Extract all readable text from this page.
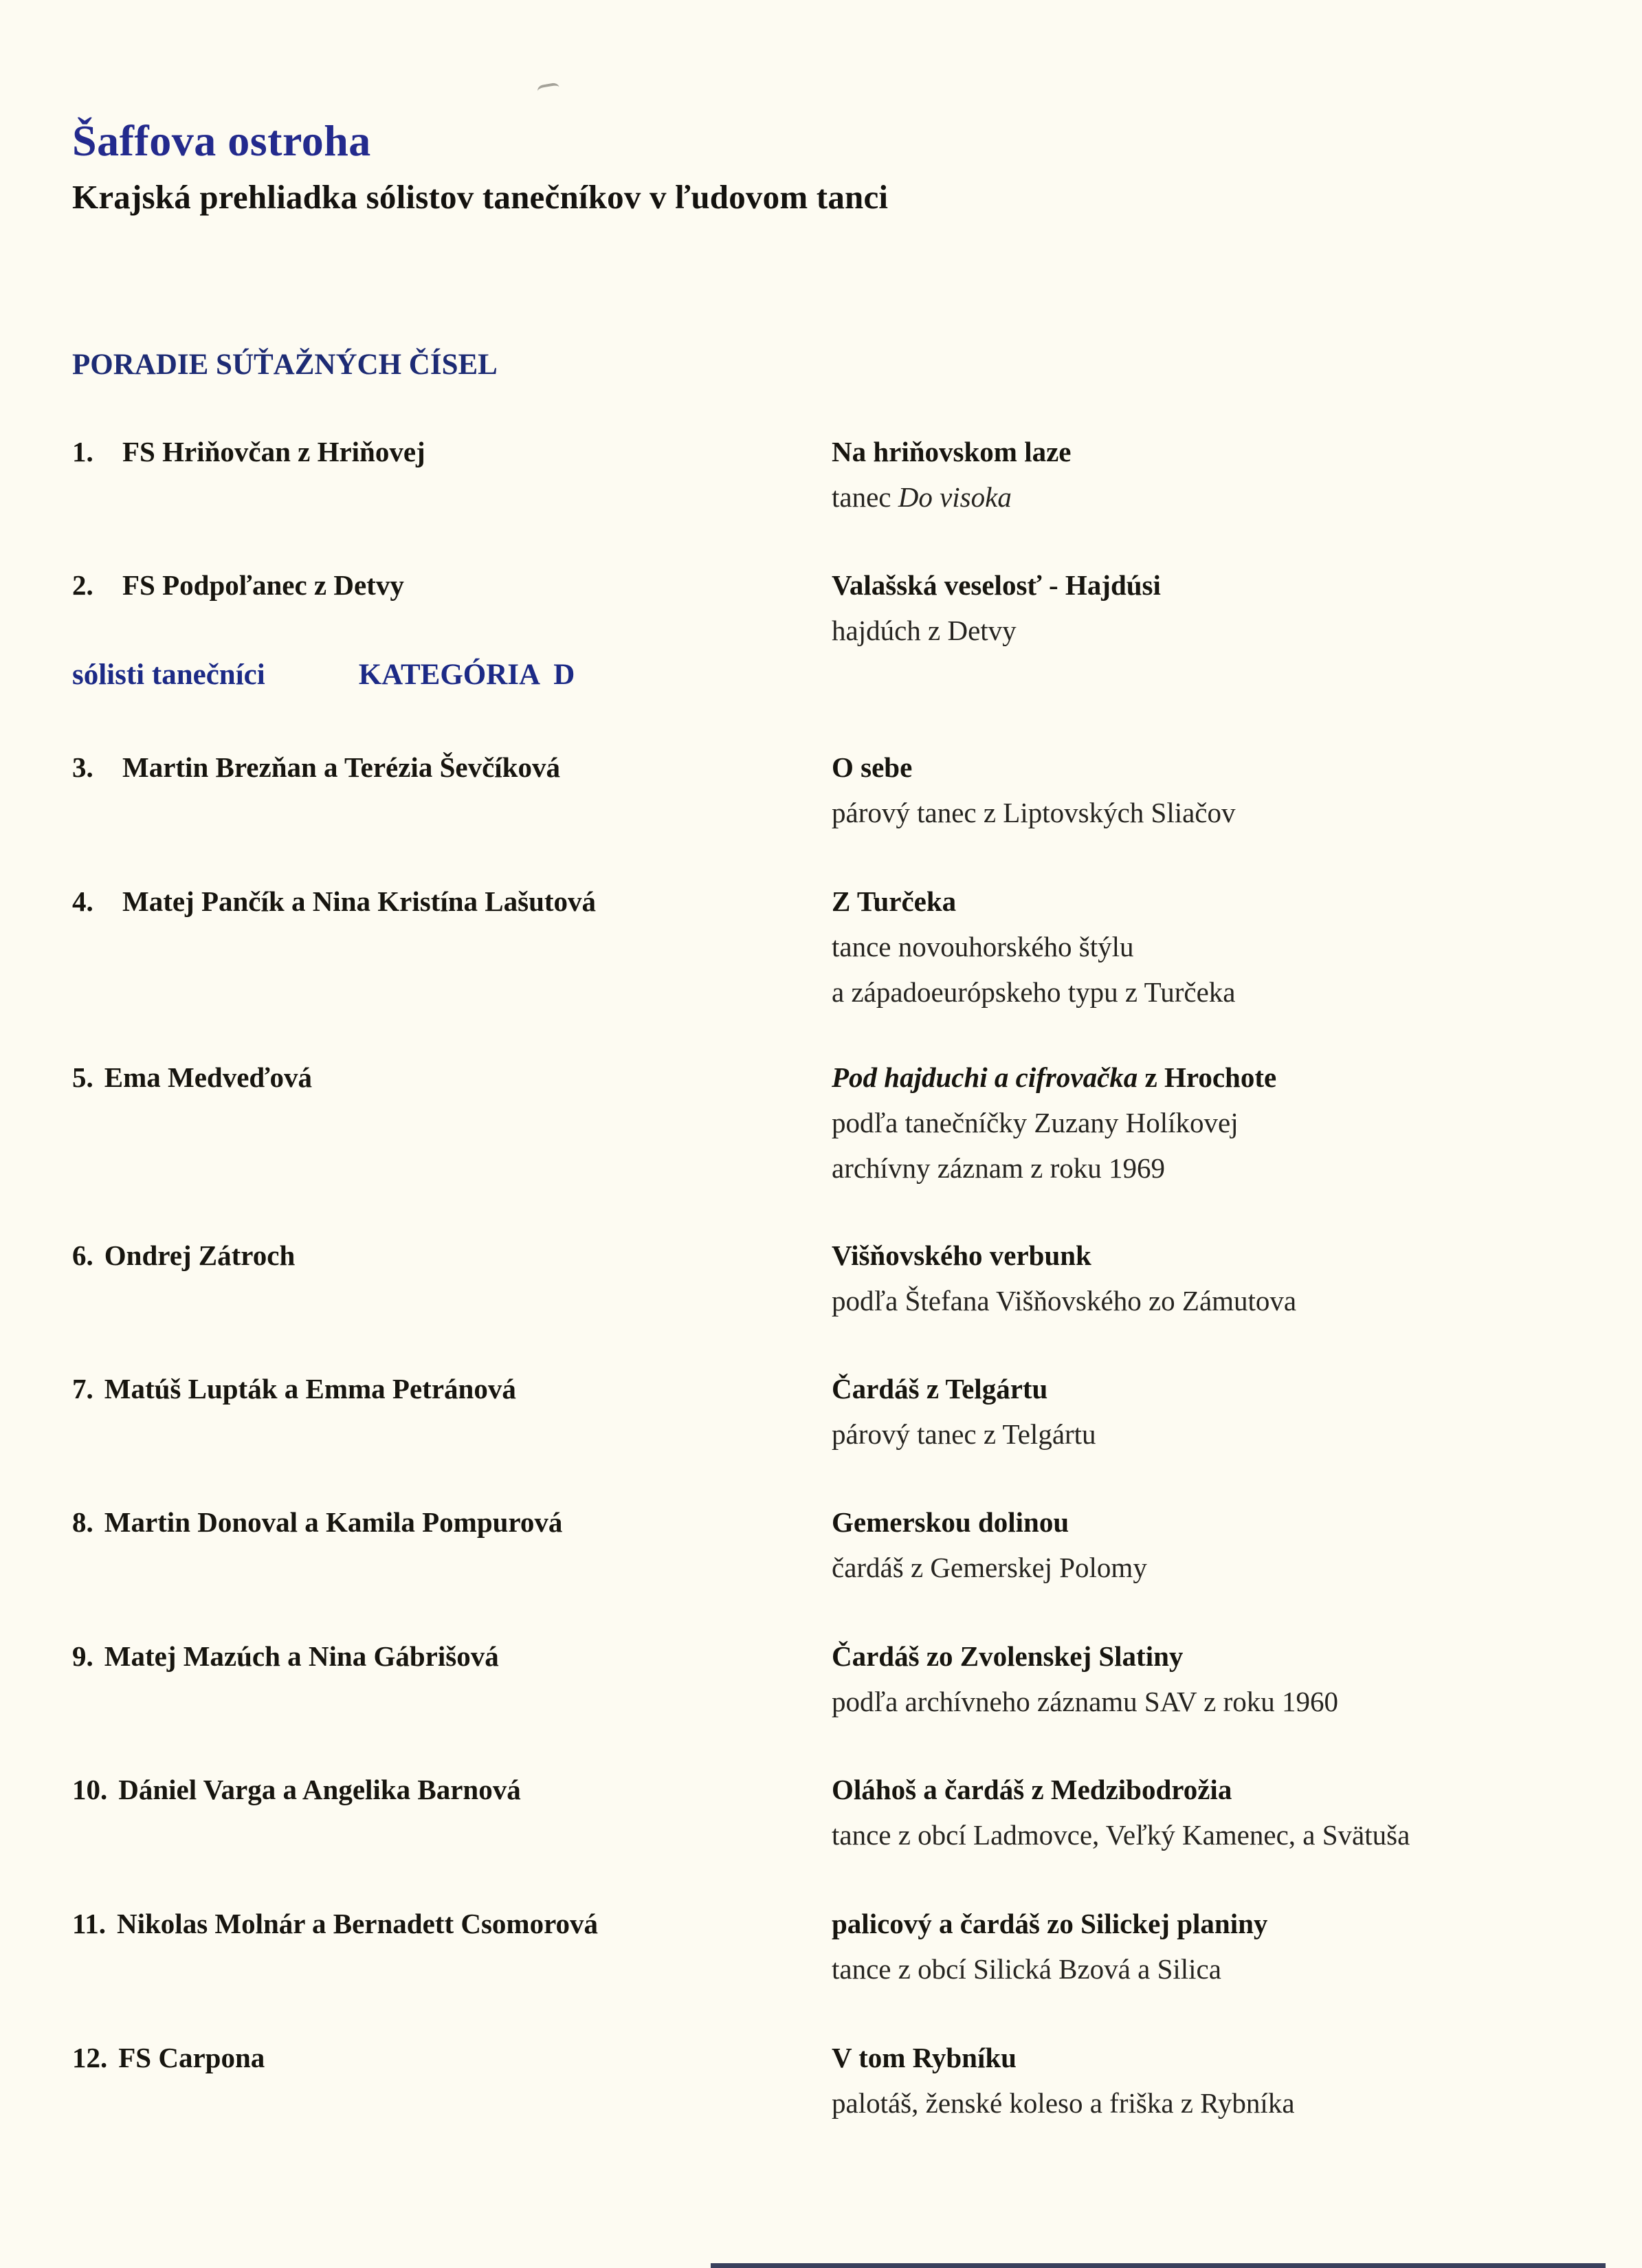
Šaffova ostroha
Krajská prehliadka sólistov tanečníkov v ľudovom tanci
PORADIE SÚŤAŽNÝCH ČÍSEL
1. FS Hriňovčan z Hriňovej	Na hriňovskom laze
tanec Do visoka
2. FS Podpoľanec z Detvy	Valašská veselosť - Hajdúsi
hajdúch z Detvy
sólisti tanečníci	KATEGÓRIA  D
3. Martin Brezňan a Terézia Ševčíková	O sebe
párový tanec z Liptovských Sliačov
4. Matej Pančík a Nina Kristína Lašutová	Z Turčeka
tance novouhorského štýlu
a západoeurópskeho typu z Turčeka
5. Ema Medveďová	Pod hajduchi a cifrovačka z Hrochote
podľa tanečníčky Zuzany Holíkovej
archívny záznam z roku 1969
6. Ondrej Zátroch	Višňovského verbunk
podľa Štefana Višňovského zo Zámutova
7. Matúš Lupták a Emma Petránová	Čardáš z Telgártu
párový tanec z Telgártu
8. Martin Donoval a Kamila Pompurová	Gemerskou dolinou
čardáš z Gemerskej Polomy
9. Matej Mazúch a Nina Gábrišová	Čardáš zo Zvolenskej Slatiny
podľa archívneho záznamu SAV z roku 1960
10. Dániel Varga a Angelika Barnová	Oláhoš a čardáš z Medzibodrožia
tance z obcí Ladmovce, Veľký Kamenec, a Svätuša
11. Nikolas Molnár a Bernadett Csomorová	palicový a čardáš zo Silickej planiny
tance z obcí Silická Bzová a Silica
12. FS Carpona	V tom Rybníku
palotáš, ženské koleso a friška z Rybníka
